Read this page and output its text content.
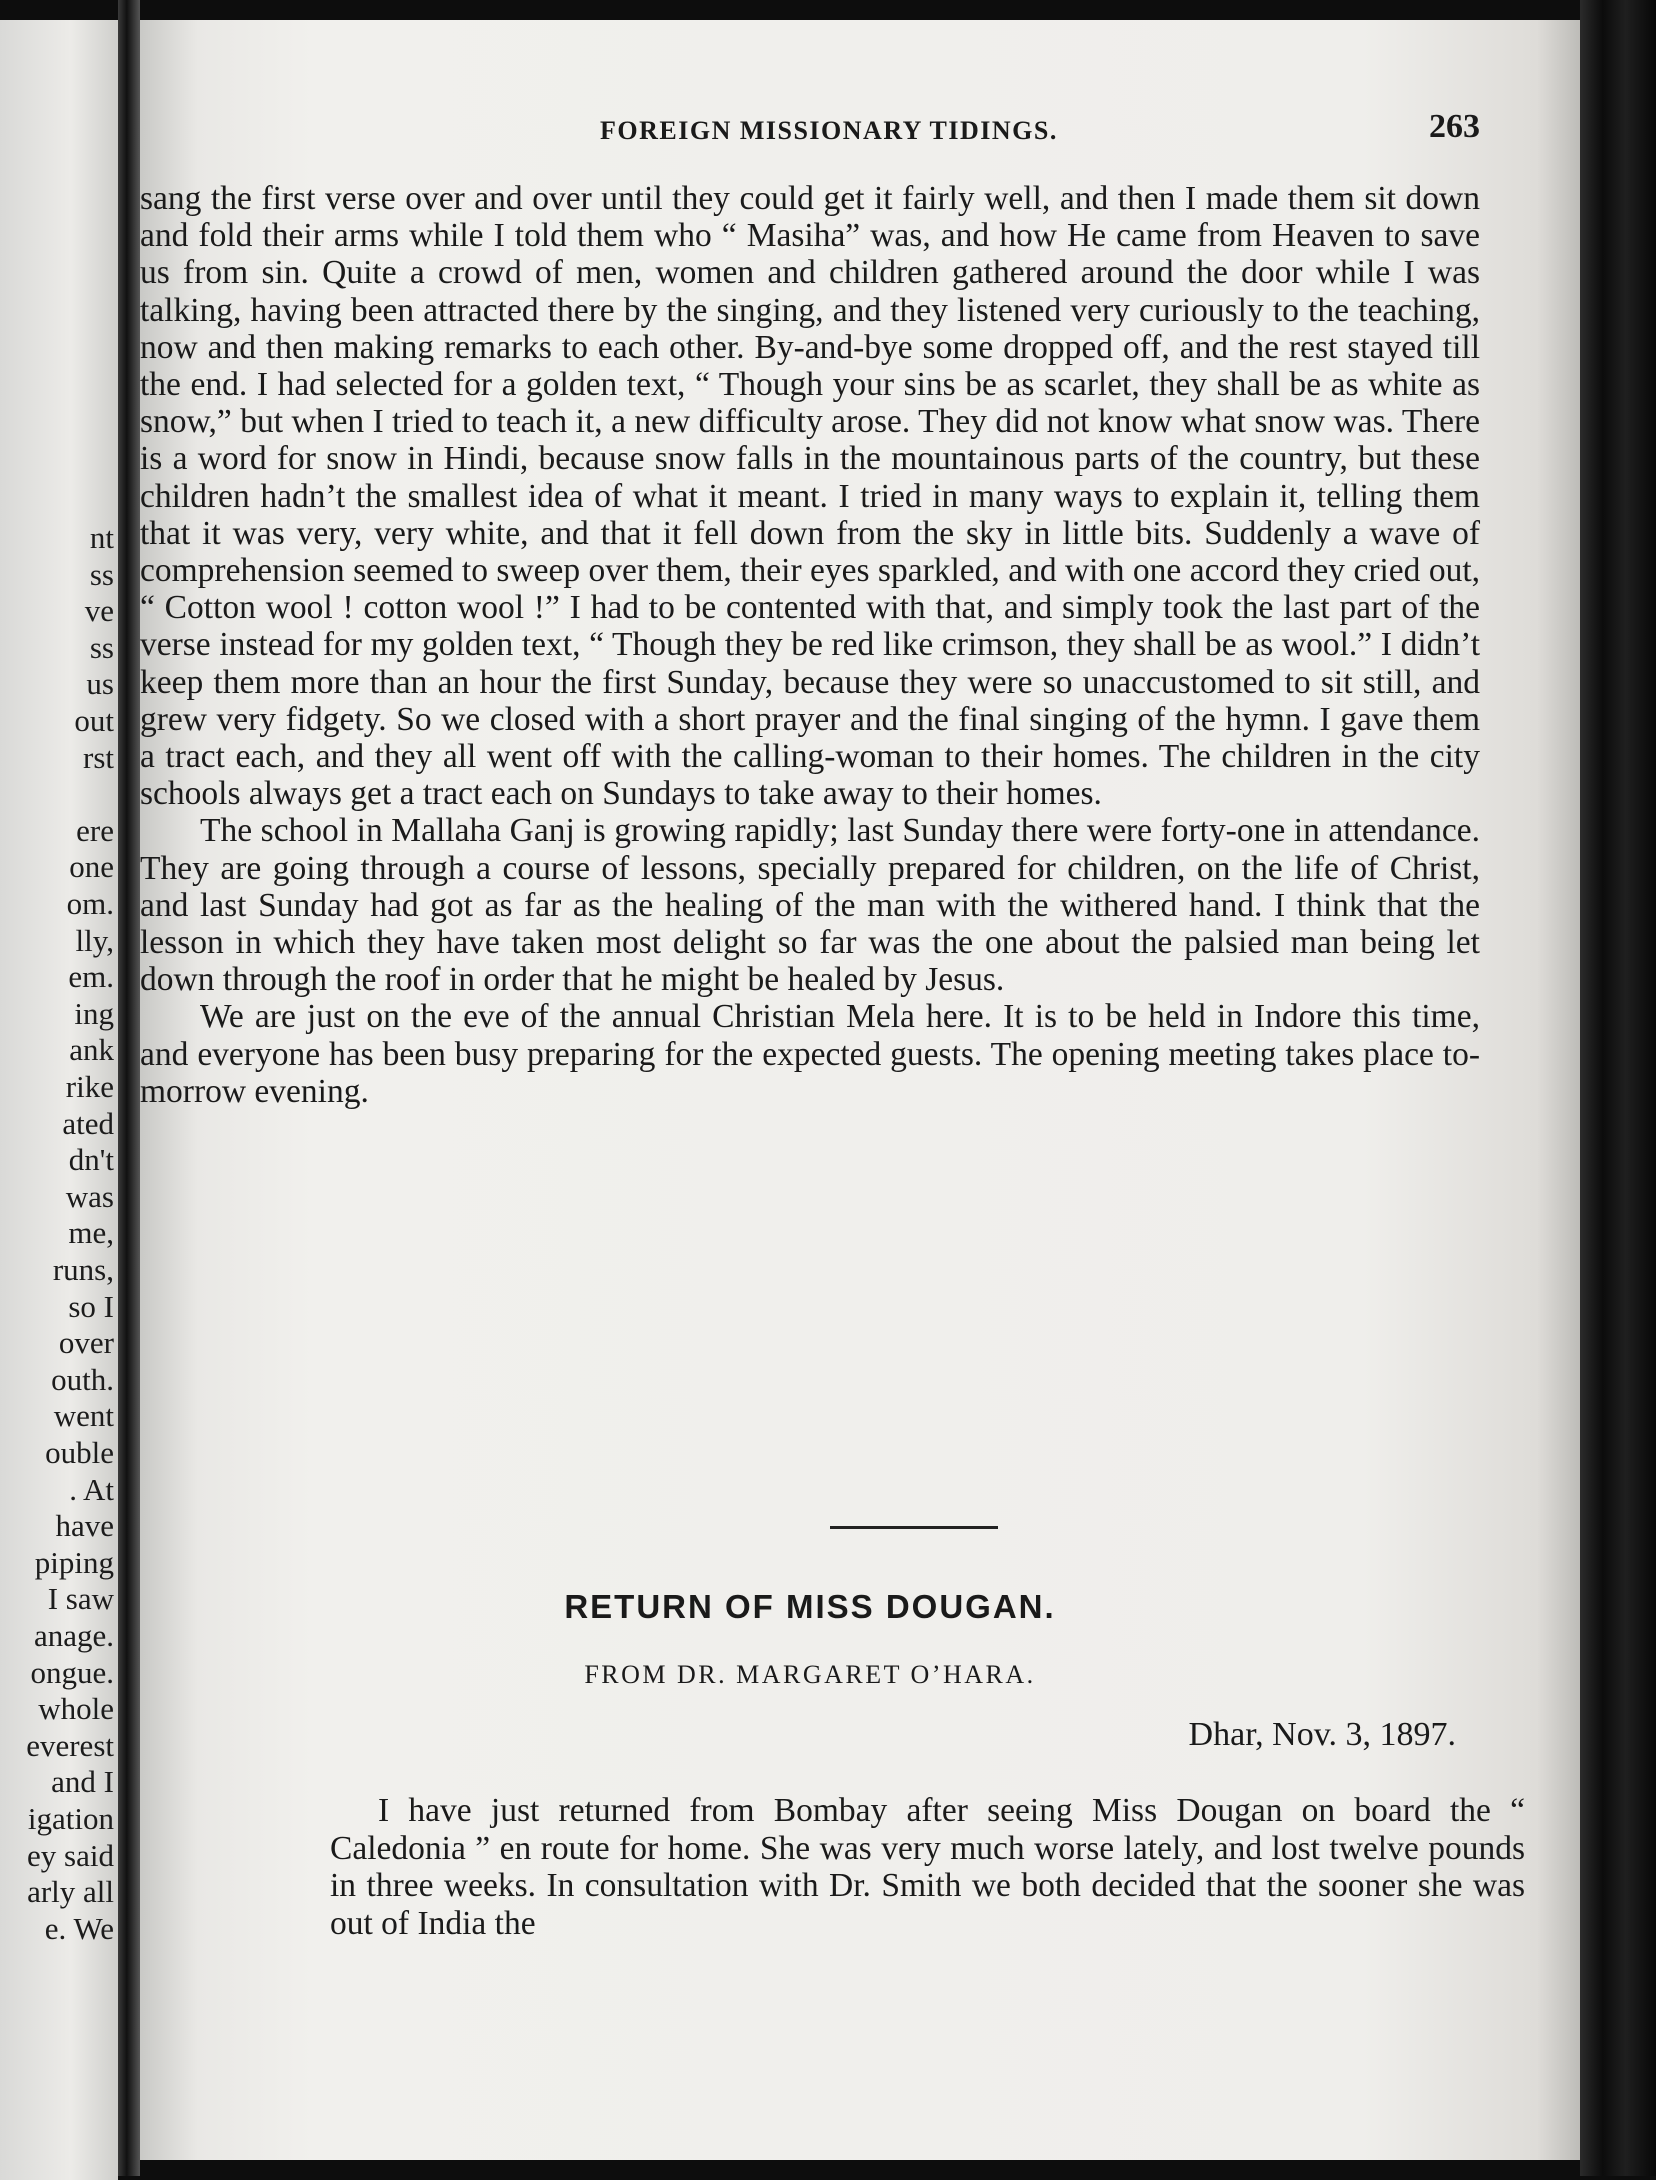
nt
ss
ve
ss
us
out
rst
ere
one
om.
lly,
em.
ing
ank
rike
ated
dn't
was
me,
runs,
so I
over
outh.
went
ouble
. At
have
piping
I saw
anage.
ongue.
whole
everest
and I
igation
ey said
arly all
e. We
FOREIGN MISSIONARY TIDINGS.	263

sang the first verse over and over until they could get it fairly well, and then I made them sit down and fold their arms while I told them who “ Masiha” was, and how He came from Heaven to save us from sin. Quite a crowd of men, women and children gathered around the door while I was talking, having been attracted there by the singing, and they listened very curiously to the teaching, now and then making remarks to each other. By-and-bye some dropped off, and the rest stayed till the end. I had selected for a golden text, “ Though your sins be as scarlet, they shall be as white as snow,” but when I tried to teach it, a new difficulty arose. They did not know what snow was. There is a word for snow in Hindi, because snow falls in the mountainous parts of the country, but these children hadn’t the smallest idea of what it meant. I tried in many ways to explain it, telling them that it was very, very white, and that it fell down from the sky in little bits. Suddenly a wave of comprehension seemed to sweep over them, their eyes sparkled, and with one accord they cried out, “ Cotton wool ! cotton wool !” I had to be contented with that, and simply took the last part of the verse instead for my golden text, “ Though they be red like crimson, they shall be as wool.” I didn’t keep them more than an hour the first Sunday, because they were so unaccustomed to sit still, and grew very fidgety. So we closed with a short prayer and the final singing of the hymn. I gave them a tract each, and they all went off with the calling-woman to their homes. The children in the city schools always get a tract each on Sundays to take away to their homes.

The school in Mallaha Ganj is growing rapidly; last Sunday there were forty-one in attendance. They are going through a course of lessons, specially prepared for children, on the life of Christ, and last Sunday had got as far as the healing of the man with the withered hand. I think that the lesson in which they have taken most delight so far was the one about the palsied man being let down through the roof in order that he might be healed by Jesus.

We are just on the eve of the annual Christian Mela here. It is to be held in Indore this time, and everyone has been busy preparing for the expected guests. The opening meeting takes place to-morrow evening.

RETURN OF MISS DOUGAN.
FROM DR. MARGARET O’HARA.
Dhar, Nov. 3, 1897.

I have just returned from Bombay after seeing Miss Dougan on board the “ Caledonia ” en route for home. She was very much worse lately, and lost twelve pounds in three weeks. In consultation with Dr. Smith we both decided that the sooner she was out of India the
